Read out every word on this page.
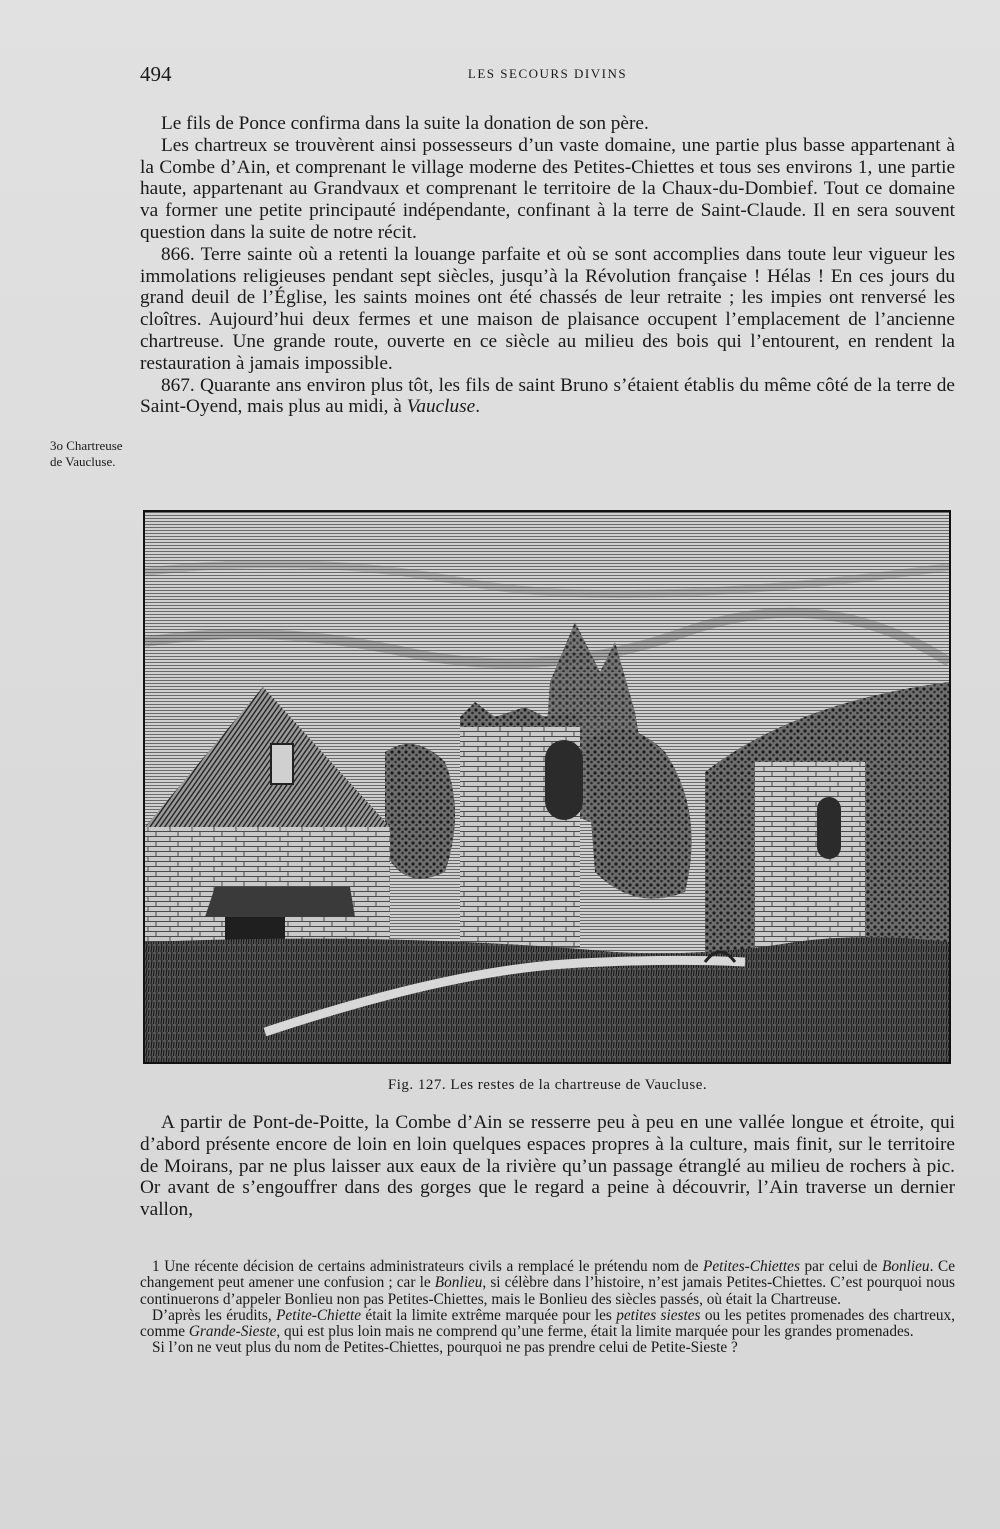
494	LES SECOURS DIVINS
3o Chartreuse de Vaucluse.

Le fils de Ponce confirma dans la suite la donation de son père.

Les chartreux se trouvèrent ainsi possesseurs d’un vaste domaine, une partie plus basse appartenant à la Combe d’Ain, et comprenant le village moderne des Petites-Chiettes et tous ses environs 1, une partie haute, appartenant au Grandvaux et comprenant le territoire de la Chaux-du-Dombief. Tout ce domaine va former une petite principauté indépendante, confinant à la terre de Saint-Claude. Il en sera souvent question dans la suite de notre récit.

866. Terre sainte où a retenti la louange parfaite et où se sont accomplies dans toute leur vigueur les immolations religieuses pendant sept siècles, jusqu’à la Révolution française ! Hélas ! En ces jours du grand deuil de l’Église, les saints moines ont été chassés de leur retraite ; les impies ont renversé les cloîtres. Aujourd’hui deux fermes et une maison de plaisance occupent l’emplacement de l’ancienne chartreuse. Une grande route, ouverte en ce siècle au milieu des bois qui l’entourent, en rendent la restauration à jamais impossible.

867. Quarante ans environ plus tôt, les fils de saint Bruno s’étaient établis du même côté de la terre de Saint-Oyend, mais plus au midi, à Vaucluse.

Fig. 127. Les restes de la chartreuse de Vaucluse.

A partir de Pont-de-Poitte, la Combe d’Ain se resserre peu à peu en une vallée longue et étroite, qui d’abord présente encore de loin en loin quelques espaces propres à la culture, mais finit, sur le territoire de Moirans, par ne plus laisser aux eaux de la rivière qu’un passage étranglé au milieu de rochers à pic. Or avant de s’engouffrer dans des gorges que le regard a peine à découvrir, l’Ain traverse un dernier vallon,

1 Une récente décision de certains administrateurs civils a remplacé le prétendu nom de Petites-Chiettes par celui de Bonlieu. Ce changement peut amener une confusion ; car le Bonlieu, si célèbre dans l’histoire, n’est jamais Petites-Chiettes. C’est pourquoi nous continuerons d’appeler Bonlieu non pas Petites-Chiettes, mais le Bonlieu des siècles passés, où était la Chartreuse.

D’après les érudits, Petite-Chiette était la limite extrême marquée pour les petites siestes ou les petites promenades des chartreux, comme Grande-Sieste, qui est plus loin mais ne comprend qu’une ferme, était la limite marquée pour les grandes promenades.

Si l’on ne veut plus du nom de Petites-Chiettes, pourquoi ne pas prendre celui de Petite-Sieste ?
